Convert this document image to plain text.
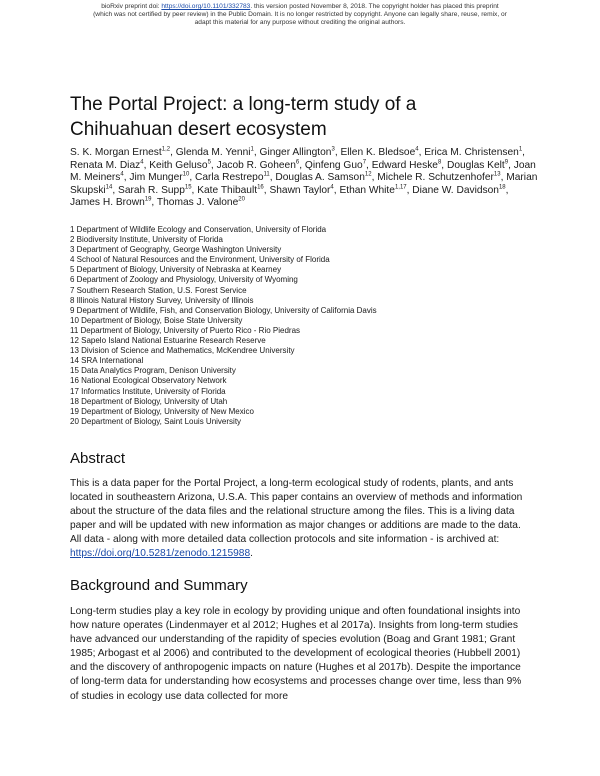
bioRxiv preprint doi: https://doi.org/10.1101/332783. this version posted November 8, 2018. The copyright holder has placed this preprint
(which was not certified by peer review) in the Public Domain. It is no longer restricted by copyright. Anyone can legally share, reuse, remix, or
adapt this material for any purpose without crediting the original authors.
The Portal Project: a long-term study of a
Chihuahuan desert ecosystem
S. K. Morgan Ernest$^{1,2}$, Glenda M. Yenni$^1$, Ginger Allington$^3$, Ellen K. Bledsoe$^4$, Erica M. Christensen$^1$, Renata M. Diaz$^4$, Keith Geluso$^5$, Jacob R. Goheen$^6$, Qinfeng Guo$^7$, Edward Heske$^8$, Douglas Kelt$^9$, Joan M. Meiners$^4$, Jim Munger$^{10}$, Carla Restrepo$^{11}$, Douglas A. Samson$^{12}$, Michele R. Schutzenhofer$^{13}$, Marian Skupski$^{14}$, Sarah R. Supp$^{15}$, Kate Thibault$^{16}$, Shawn Taylor$^4$, Ethan White$^{1,17}$, Diane W. Davidson$^{18}$, James H. Brown$^{19}$, Thomas J. Valone$^{20}$
1 Department of Wildlife Ecology and Conservation, University of Florida
2 Biodiversity Institute, University of Florida
3 Department of Geography, George Washington University
4 School of Natural Resources and the Environment, University of Florida
5 Department of Biology, University of Nebraska at Kearney
6 Department of Zoology and Physiology, University of Wyoming
7 Southern Research Station, U.S. Forest Service
8 Illinois Natural History Survey, University of Illinois
9 Department of Wildlife, Fish, and Conservation Biology, University of California Davis
10 Department of Biology, Boise State University
11 Department of Biology, University of Puerto Rico - Rio Piedras
12 Sapelo Island National Estuarine Research Reserve
13 Division of Science and Mathematics, McKendree University
14 SRA International
15 Data Analytics Program, Denison University
16 National Ecological Observatory Network
17 Informatics Institute, University of Florida
18 Department of Biology, University of Utah
19 Department of Biology, University of New Mexico
20 Department of Biology, Saint Louis University
Abstract

This is a data paper for the Portal Project, a long-term ecological study of rodents, plants, and ants located in southeastern Arizona, U.S.A. This paper contains an overview of methods and information about the structure of the data files and the relational structure among the files. This is a living data paper and will be updated with new information as major changes or additions are made to the data. All data - along with more detailed data collection protocols and site information - is archived at: https://doi.org/10.5281/zenodo.1215988.

Background and Summary

Long-term studies play a key role in ecology by providing unique and often foundational insights into how nature operates (Lindenmayer et al 2012; Hughes et al 2017a). Insights from long-term studies have advanced our understanding of the rapidity of species evolution (Boag and Grant 1981; Grant 1985; Arbogast et al 2006) and contributed to the development of ecological theories (Hubbell 2001) and the discovery of anthropogenic impacts on nature (Hughes et al 2017b). Despite the importance of long-term data for understanding how ecosystems and processes change over time, less than 9% of studies in ecology use data collected for more
